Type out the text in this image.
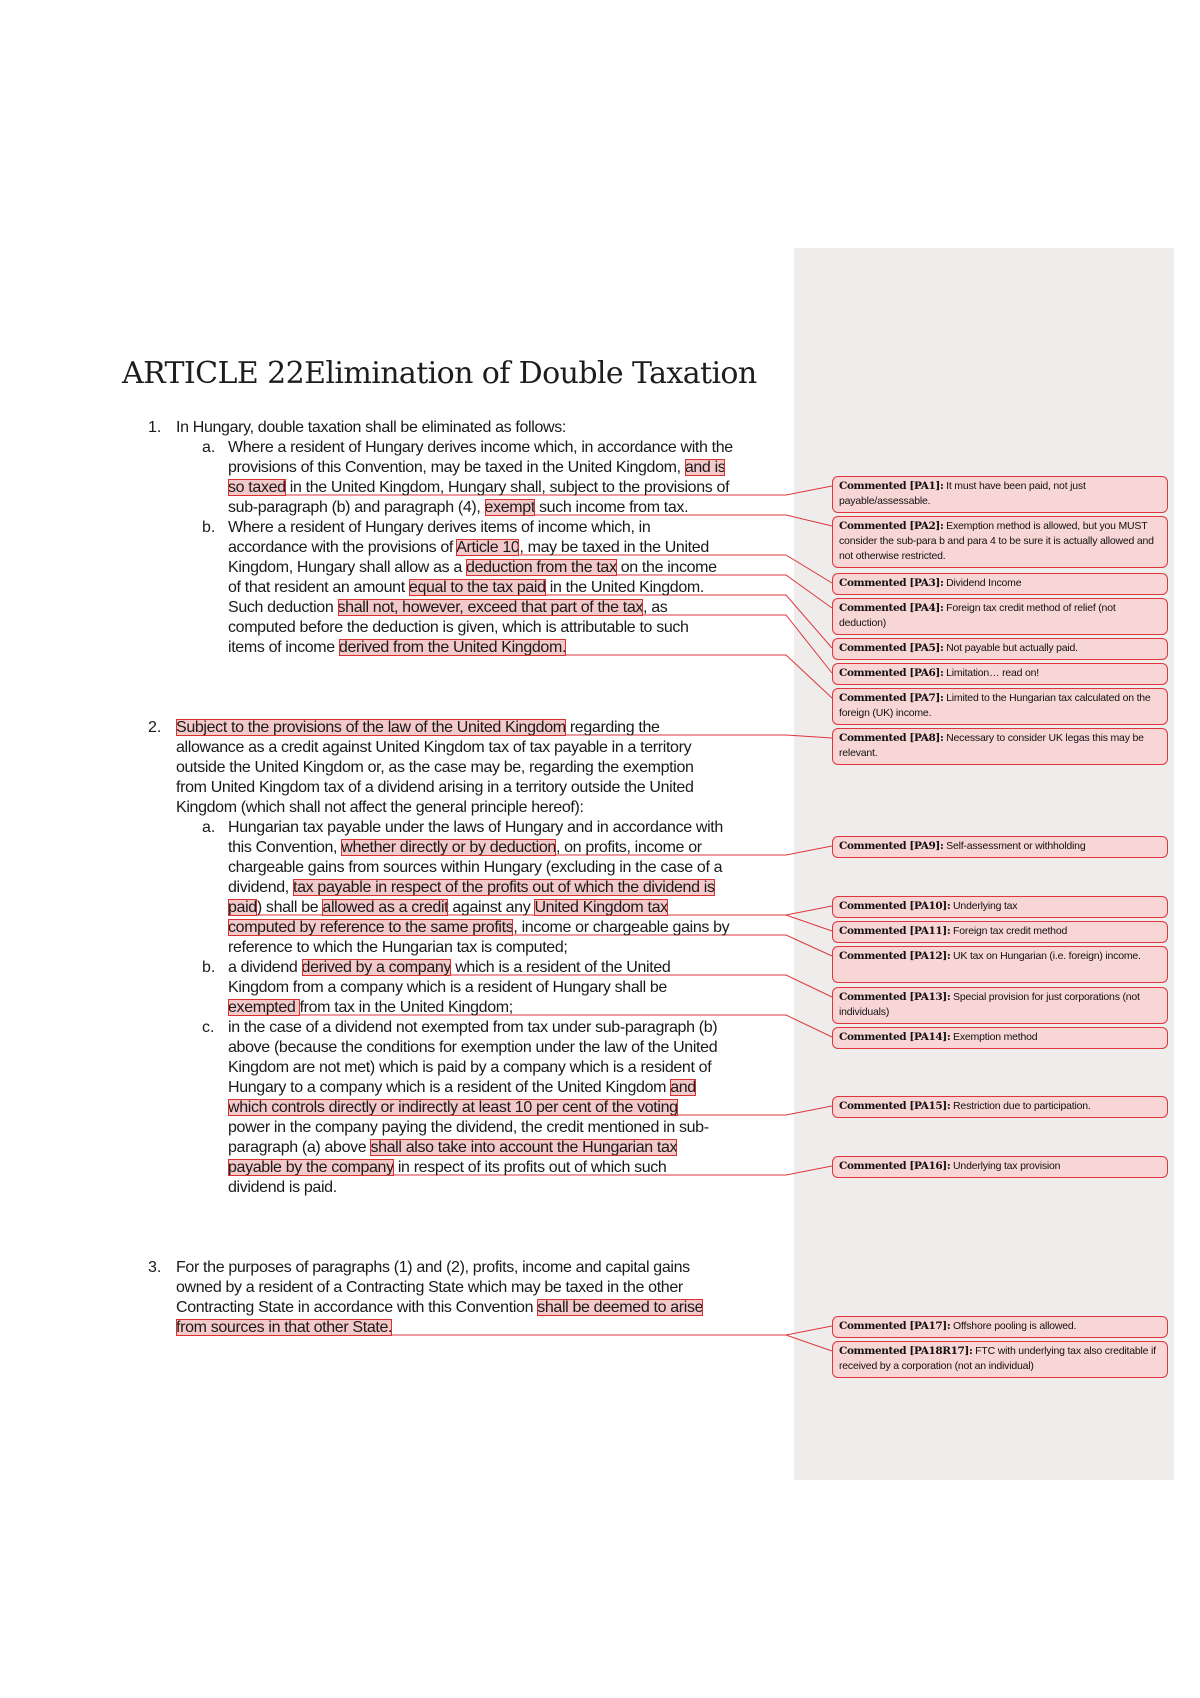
ARTICLE 22Elimination of Double Taxation
1. In Hungary, double taxation shall be eliminated as follows:
a. Where a resident of Hungary derives income which, in accordance with the
provisions of this Convention, may be taxed in the United Kingdom, and is
so taxed in the United Kingdom, Hungary shall, subject to the provisions of
sub-paragraph (b) and paragraph (4), exempt such income from tax.
b. Where a resident of Hungary derives items of income which, in
accordance with the provisions of Article 10, may be taxed in the United
Kingdom, Hungary shall allow as a deduction from the tax on the income
of that resident an amount equal to the tax paid in the United Kingdom.
Such deduction shall not, however, exceed that part of the tax, as
computed before the deduction is given, which is attributable to such
items of income derived from the United Kingdom.
2. Subject to the provisions of the law of the United Kingdom regarding the
allowance as a credit against United Kingdom tax of tax payable in a territory
outside the United Kingdom or, as the case may be, regarding the exemption
from United Kingdom tax of a dividend arising in a territory outside the United
Kingdom (which shall not affect the general principle hereof):
a. Hungarian tax payable under the laws of Hungary and in accordance with
this Convention, whether directly or by deduction, on profits, income or
chargeable gains from sources within Hungary (excluding in the case of a
dividend, tax payable in respect of the profits out of which the dividend is
paid) shall be allowed as a credit against any United Kingdom tax
computed by reference to the same profits, income or chargeable gains by
reference to which the Hungarian tax is computed;
b. a dividend derived by a company which is a resident of the United
Kingdom from a company which is a resident of Hungary shall be
exempted from tax in the United Kingdom;
c. in the case of a dividend not exempted from tax under sub-paragraph (b)
above (because the conditions for exemption under the law of the United
Kingdom are not met) which is paid by a company which is a resident of
Hungary to a company which is a resident of the United Kingdom and
which controls directly or indirectly at least 10 per cent of the voting
power in the company paying the dividend, the credit mentioned in sub-
paragraph (a) above shall also take into account the Hungarian tax
payable by the company in respect of its profits out of which such
dividend is paid.
3. For the purposes of paragraphs (1) and (2), profits, income and capital gains
owned by a resident of a Contracting State which may be taxed in the other
Contracting State in accordance with this Convention shall be deemed to arise
from sources in that other State.
Commented [PA1]: It must have been paid, not just payable/assessable.
Commented [PA2]: Exemption method is allowed, but you MUST consider the sub-para b and para 4 to be sure it is actually allowed and not otherwise restricted.
Commented [PA3]: Dividend Income
Commented [PA4]: Foreign tax credit method of relief (not deduction)
Commented [PA5]: Not payable but actually paid.
Commented [PA6]: Limitation… read on!
Commented [PA7]: Limited to the Hungarian tax calculated on the foreign (UK) income.
Commented [PA8]: Necessary to consider UK legas this may be relevant.
Commented [PA9]: Self-assessment or withholding
Commented [PA10]: Underlying tax
Commented [PA11]: Foreign tax credit method
Commented [PA12]: UK tax on Hungarian (i.e. foreign) income.
Commented [PA13]: Special provision for just corporations (not individuals)
Commented [PA14]: Exemption method
Commented [PA15]: Restriction due to participation.
Commented [PA16]: Underlying tax provision
Commented [PA17]: Offshore pooling is allowed.
Commented [PA18R17]: FTC with underlying tax also creditable if received by a corporation (not an individual)
